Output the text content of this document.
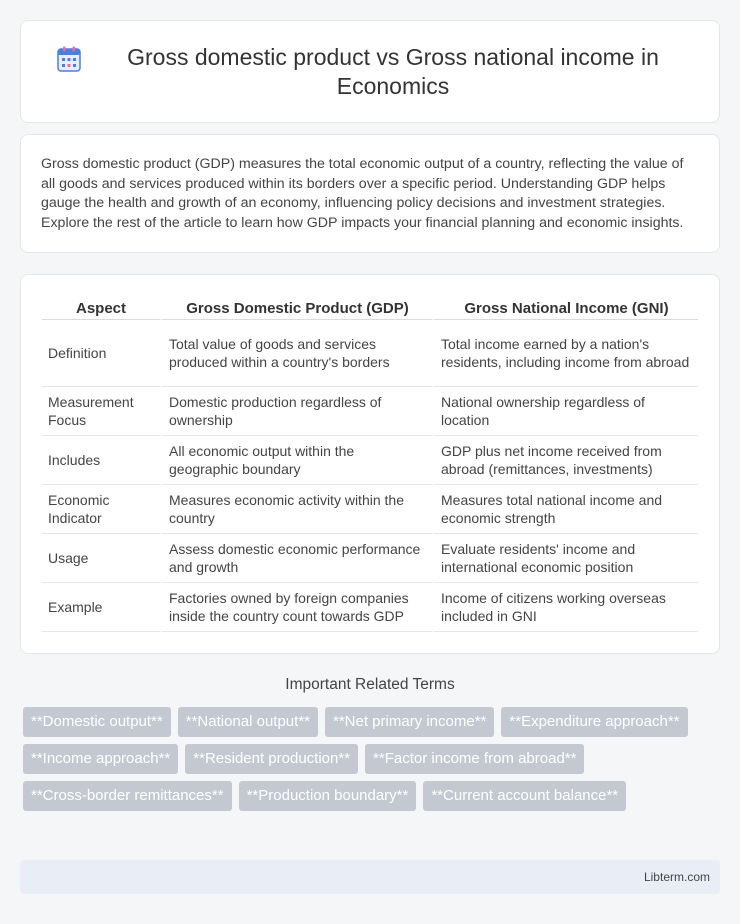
Gross domestic product vs Gross national income in Economics

Gross domestic product (GDP) measures the total economic output of a country, reflecting the value of all goods and services produced within its borders over a specific period. Understanding GDP helps gauge the health and growth of an economy, influencing policy decisions and investment strategies. Explore the rest of the article to learn how GDP impacts your financial planning and economic insights.

Aspect	Gross Domestic Product (GDP)	Gross National Income (GNI)
Definition	Total value of goods and services produced within a country's borders	Total income earned by a nation's residents, including income from abroad
Measurement Focus	Domestic production regardless of ownership	National ownership regardless of location
Includes	All economic output within the geographic boundary	GDP plus net income received from abroad (remittances, investments)
Economic Indicator	Measures economic activity within the country	Measures total national income and economic strength
Usage	Assess domestic economic performance and growth	Evaluate residents' income and international economic position
Example	Factories owned by foreign companies inside the country count towards GDP	Income of citizens working overseas included in GNI
Important Related Terms
**Domestic output**	**National output**	**Net primary income**	**Expenditure approach**
**Income approach**	**Resident production**	**Factor income from abroad**
**Cross-border remittances**	**Production boundary**	**Current account balance**
Libterm.com
